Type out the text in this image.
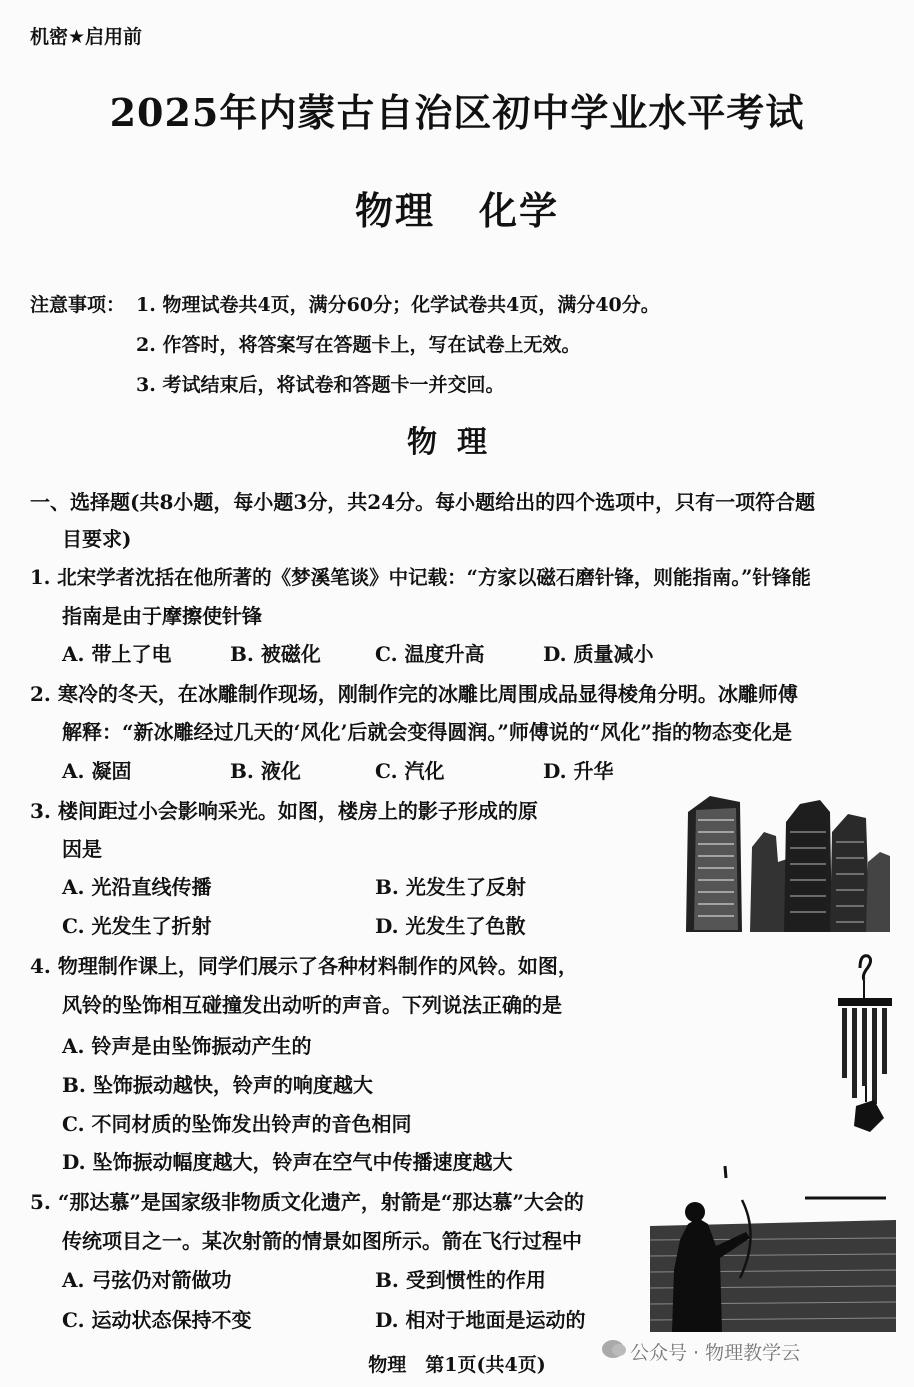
机密★启用前
2025年内蒙古自治区初中学业水平考试
物理 化学
注意事项： 1. 物理试卷共4页，满分60分；化学试卷共4页，满分40分。
2. 作答时，将答案写在答题卡上，写在试卷上无效。
3. 考试结束后，将试卷和答题卡一并交回。
物理
一、选择题(共8小题，每小题3分，共24分。每小题给出的四个选项中，只有一项符合题
目要求)
1. 北宋学者沈括在他所著的《梦溪笔谈》中记载：“方家以磁石磨针锋，则能指南。”针锋能
指南是由于摩擦使针锋
A. 带上了电	B. 被磁化	C. 温度升高	D. 质量减小
2. 寒冷的冬天，在冰雕制作现场，刚制作完的冰雕比周围成品显得棱角分明。冰雕师傅
解释：“新冰雕经过几天的‘风化’后就会变得圆润。”师傅说的“风化”指的物态变化是
A. 凝固	B. 液化	C. 汽化	D. 升华
3. 楼间距过小会影响采光。如图，楼房上的影子形成的原
因是
A. 光沿直线传播	B. 光发生了反射
C. 光发生了折射	D. 光发生了色散
4. 物理制作课上，同学们展示了各种材料制作的风铃。如图，
风铃的坠饰相互碰撞发出动听的声音。下列说法正确的是
A. 铃声是由坠饰振动产生的
B. 坠饰振动越快，铃声的响度越大
C. 不同材质的坠饰发出铃声的音色相同
D. 坠饰振动幅度越大，铃声在空气中传播速度越大
5. “那达慕”是国家级非物质文化遗产，射箭是“那达慕”大会的
传统项目之一。某次射箭的情景如图所示。箭在飞行过程中
A. 弓弦仍对箭做功	B. 受到惯性的作用
C. 运动状态保持不变	D. 相对于地面是运动的
物理　第1页(共4页)
公众号 · 物理教学云
